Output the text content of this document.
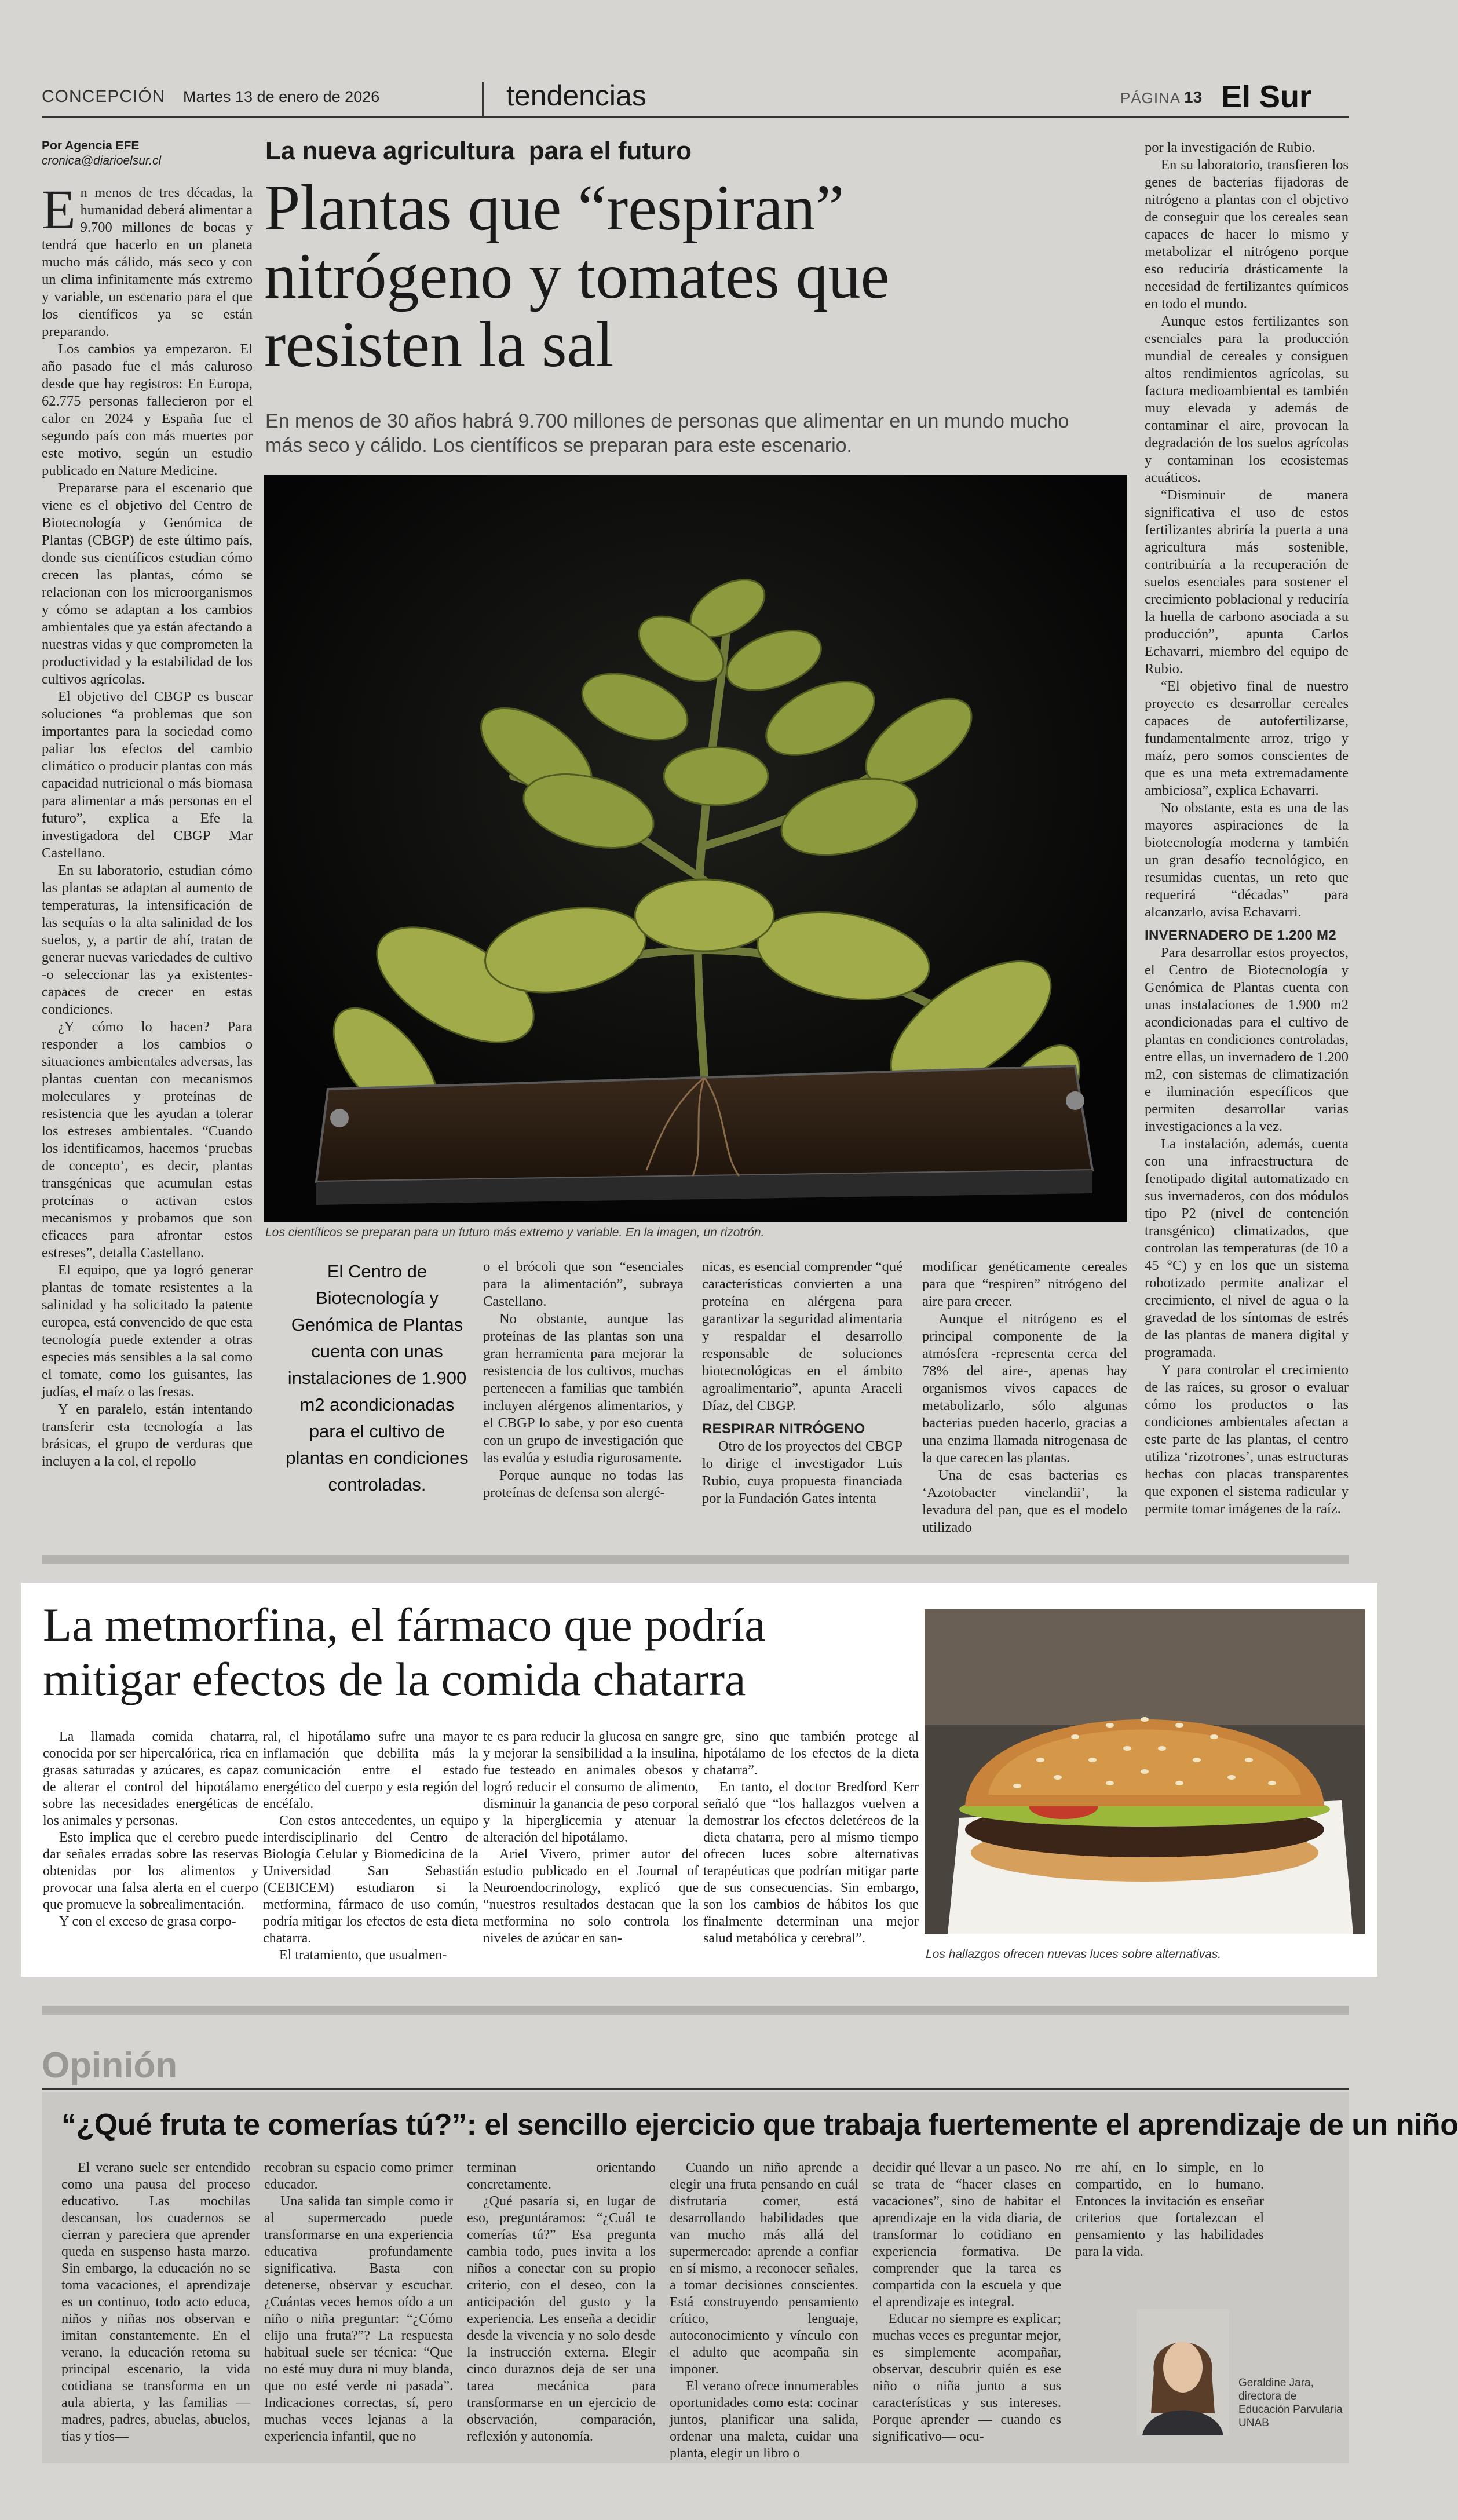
CONCEPCIÓN Martes 13 de enero de 2026	tendencias	PÁGINA 13 El Sur
Por Agencia EFE
cronica@diarioelsur.cl	La nueva agricultura  para el futuro
Plantas que “respiran”
nitrógeno y tomates que
resisten la sal
En menos de 30 años habrá 9.700 millones de personas que alimentar en un mundo mucho
más seco y cálido. Los científicos se preparan para este escenario.
Los científicos se preparan para un futuro más extremo y variable. En la imagen, un rizotrón.

En menos de tres décadas, la humanidad deberá alimentar a 9.700 millones de bocas y tendrá que hacerlo en un planeta mucho más cálido, más seco y con un clima infinitamente más extremo y variable, un escenario para el que los científicos ya se están preparando.

Los cambios ya empezaron. El año pasado fue el más caluroso desde que hay registros: En Europa, 62.775 personas fallecieron por el calor en 2024 y España fue el segundo país con más muertes por este motivo, según un estudio publicado en Nature Medicine.

Prepararse para el escenario que viene es el objetivo del Centro de Biotecnología y Genómica de Plantas (CBGP) de este último país, donde sus científicos estudian cómo crecen las plantas, cómo se relacionan con los microorganismos y cómo se adaptan a los cambios ambientales que ya están afectando a nuestras vidas y que comprometen la productividad y la estabilidad de los cultivos agrícolas.

El objetivo del CBGP es buscar soluciones “a problemas que son importantes para la sociedad como paliar los efectos del cambio climático o producir plantas con más capacidad nutricional o más biomasa para alimentar a más personas en el futuro”, explica a Efe la investigadora del CBGP Mar Castellano.

En su laboratorio, estudian cómo las plantas se adaptan al aumento de temperaturas, la intensificación de las sequías o la alta salinidad de los suelos, y, a partir de ahí, tratan de generar nuevas variedades de cultivo -o seleccionar las ya existentes- capaces de crecer en estas condiciones.

¿Y cómo lo hacen? Para responder a los cambios o situaciones ambientales adversas, las plantas cuentan con mecanismos moleculares y proteínas de resistencia que les ayudan a tolerar los estreses ambientales. “Cuando los identificamos, hacemos ‘pruebas de concepto’, es decir, plantas transgénicas que acumulan estas proteínas o activan estos mecanismos y probamos que son eficaces para afrontar estos estreses”, detalla Castellano.

El equipo, que ya logró generar plantas de tomate resistentes a la salinidad y ha solicitado la patente europea, está convencido de que esta tecnología puede extender a otras especies más sensibles a la sal como el tomate, como los guisantes, las judías, el maíz o las fresas.

Y en paralelo, están intentando transferir esta tecnología a las brásicas, el grupo de verduras que incluyen a la col, el repollo

El Centro de Biotecnología y Genómica de Plantas cuenta con unas instalaciones de 1.900 m2 acondicionadas para el cultivo de plantas en condiciones controladas.

o el brócoli que son “esenciales para la alimentación”, subraya Castellano.

No obstante, aunque las proteínas de las plantas son una gran herramienta para mejorar la resistencia de los cultivos, muchas pertenecen a familias que también incluyen alérgenos alimentarios, y el CBGP lo sabe, y por eso cuenta con un grupo de investigación que las evalúa y estudia rigurosamente.

Porque aunque no todas las proteínas de defensa son alergé-

nicas, es esencial comprender “qué características convierten a una proteína en alérgena para garantizar la seguridad alimentaria y respaldar el desarrollo responsable de soluciones biotecnológicas en el ámbito agroalimentario”, apunta Araceli Díaz, del CBGP.

RESPIRAR NITRÓGENO

Otro de los proyectos del CBGP lo dirige el investigador Luis Rubio, cuya propuesta financiada por la Fundación Gates intenta

modificar genéticamente cereales para que “respiren” nitrógeno del aire para crecer.

Aunque el nitrógeno es el principal componente de la atmósfera -representa cerca del 78% del aire-, apenas hay organismos vivos capaces de metabolizarlo, sólo algunas bacterias pueden hacerlo, gracias a una enzima llamada nitrogenasa de la que carecen las plantas.

Una de esas bacterias es ‘Azotobacter vinelandii’, la levadura del pan, que es el modelo utilizado

por la investigación de Rubio.

En su laboratorio, transfieren los genes de bacterias fijadoras de nitrógeno a plantas con el objetivo de conseguir que los cereales sean capaces de hacer lo mismo y metabolizar el nitrógeno porque eso reduciría drásticamente la necesidad de fertilizantes químicos en todo el mundo.

Aunque estos fertilizantes son esenciales para la producción mundial de cereales y consiguen altos rendimientos agrícolas, su factura medioambiental es también muy elevada y además de contaminar el aire, provocan la degradación de los suelos agrícolas y contaminan los ecosistemas acuáticos.

“Disminuir de manera significativa el uso de estos fertilizantes abriría la puerta a una agricultura más sostenible, contribuiría a la recuperación de suelos esenciales para sostener el crecimiento poblacional y reduciría la huella de carbono asociada a su producción”, apunta Carlos Echavarri, miembro del equipo de Rubio.

“El objetivo final de nuestro proyecto es desarrollar cereales capaces de autofertilizarse, fundamentalmente arroz, trigo y maíz, pero somos conscientes de que es una meta extremadamente ambiciosa”, explica Echavarri.

No obstante, esta es una de las mayores aspiraciones de la biotecnología moderna y también un gran desafío tecnológico, en resumidas cuentas, un reto que requerirá “décadas” para alcanzarlo, avisa Echavarri.

INVERNADERO DE 1.200 M2

Para desarrollar estos proyectos, el Centro de Biotecnología y Genómica de Plantas cuenta con unas instalaciones de 1.900 m2 acondicionadas para el cultivo de plantas en condiciones controladas, entre ellas, un invernadero de 1.200 m2, con sistemas de climatización e iluminación específicos que permiten desarrollar varias investigaciones a la vez.

La instalación, además, cuenta con una infraestructura de fenotipado digital automatizado en sus invernaderos, con dos módulos tipo P2 (nivel de contención transgénico) climatizados, que controlan las temperaturas (de 10 a 45 °C) y en los que un sistema robotizado permite analizar el crecimiento, el nivel de agua o la gravedad de los síntomas de estrés de las plantas de manera digital y programada.

Y para controlar el crecimiento de las raíces, su grosor o evaluar cómo los productos o las condiciones ambientales afectan a este parte de las plantas, el centro utiliza ‘rizotrones’, unas estructuras hechas con placas transparentes que exponen el sistema radicular y permite tomar imágenes de la raíz.

La metmorfina, el fármaco que podría
mitigar efectos de la comida chatarra

La llamada comida chatarra, conocida por ser hipercalórica, rica en grasas saturadas y azúcares, es capaz de alterar el control del hipotálamo sobre las necesidades energéticas de los animales y personas.

Esto implica que el cerebro puede dar señales erradas sobre las reservas obtenidas por los alimentos y provocar una falsa alerta en el cuerpo que promueve la sobrealimentación.

Y con el exceso de grasa corpo-

ral, el hipotálamo sufre una mayor inflamación que debilita más la comunicación entre el estado energético del cuerpo y esta región del encéfalo.

Con estos antecedentes, un equipo interdisciplinario del Centro de Biología Celular y Biomedicina de la Universidad San Sebastián (CEBICEM) estudiaron si la metformina, fármaco de uso común, podría mitigar los efectos de esta dieta chatarra.

El tratamiento, que usualmen-

te es para reducir la glucosa en sangre y mejorar la sensibilidad a la insulina, fue testeado en animales obesos y logró reducir el consumo de alimento, disminuir la ganancia de peso corporal y la hiperglicemia y atenuar la alteración del hipotálamo.

Ariel Vivero, primer autor del estudio publicado en el Journal of Neuroendocrinology, explicó que “nuestros resultados destacan que la metformina no solo controla los niveles de azúcar en san-

gre, sino que también protege al hipotálamo de los efectos de la dieta chatarra”.

En tanto, el doctor Bredford Kerr señaló que “los hallazgos vuelven a demostrar los efectos deletéreos de la dieta chatarra, pero al mismo tiempo ofrecen luces sobre alternativas terapéuticas que podrían mitigar parte de sus consecuencias. Sin embargo, son los cambios de hábitos los que finalmente determinan una mejor salud metabólica y cerebral”.

Los hallazgos ofrecen nuevas luces sobre alternativas.
Opinión
“¿Qué fruta te comerías tú?”: el sencillo ejercicio que trabaja fuertemente el aprendizaje de un niño

El verano suele ser entendido como una pausa del proceso educativo. Las mochilas descansan, los cuadernos se cierran y pareciera que aprender queda en suspenso hasta marzo. Sin embargo, la educación no se toma vacaciones, el aprendizaje es un continuo, todo acto educa, niños y niñas nos observan e imitan constantemente. En el verano, la educación retoma su principal escenario, la vida cotidiana se transforma en un aula abierta, y las familias —madres, padres, abuelas, abuelos, tías y tíos—

recobran su espacio como primer educador.

Una salida tan simple como ir al supermercado puede transformarse en una experiencia educativa profundamente significativa. Basta con detenerse, observar y escuchar. ¿Cuántas veces hemos oído a un niño o niña preguntar: “¿Cómo elijo una fruta?”? La respuesta habitual suele ser técnica: “Que no esté muy dura ni muy blanda, que no esté verde ni pasada”. Indicaciones correctas, sí, pero muchas veces lejanas a la experiencia infantil, que no

terminan orientando concretamente.

¿Qué pasaría si, en lugar de eso, preguntáramos: “¿Cuál te comerías tú?” Esa pregunta cambia todo, pues invita a los niños a conectar con su propio criterio, con el deseo, con la anticipación del gusto y la experiencia. Les enseña a decidir desde la vivencia y no solo desde la instrucción externa. Elegir cinco duraznos deja de ser una tarea mecánica para transformarse en un ejercicio de observación, comparación, reflexión y autonomía.

Cuando un niño aprende a elegir una fruta pensando en cuál disfrutaría comer, está desarrollando habilidades que van mucho más allá del supermercado: aprende a confiar en sí mismo, a reconocer señales, a tomar decisiones conscientes. Está construyendo pensamiento crítico, lenguaje, autoconocimiento y vínculo con el adulto que acompaña sin imponer.

El verano ofrece innumerables oportunidades como esta: cocinar juntos, planificar una salida, ordenar una maleta, cuidar una planta, elegir un libro o

decidir qué llevar a un paseo. No se trata de “hacer clases en vacaciones”, sino de habitar el aprendizaje en la vida diaria, de transformar lo cotidiano en experiencia formativa. De comprender que la tarea es compartida con la escuela y que el aprendizaje es integral.

Educar no siempre es explicar; muchas veces es preguntar mejor, es simplemente acompañar, observar, descubrir quién es ese niño o niña junto a sus características y sus intereses. Porque aprender — cuando es significativo— ocu-

rre ahí, en lo simple, en lo compartido, en lo humano. Entonces la invitación es enseñar criterios que fortalezcan el pensamiento y las habilidades para la vida.

Geraldine Jara,
directora de
Educación Parvularia
UNAB
